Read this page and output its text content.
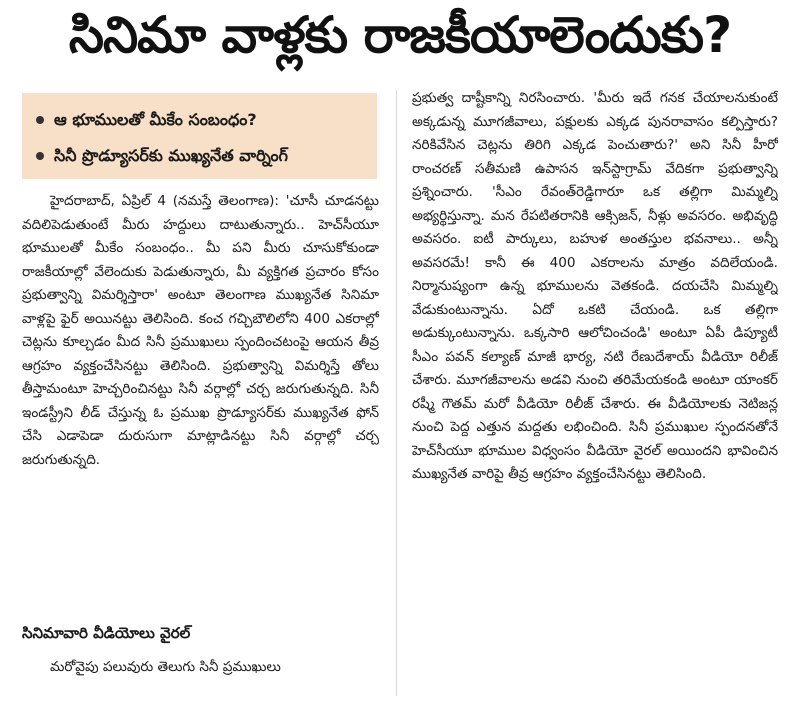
సినిమా వాళ్లకు రాజకీయాలెందుకు?
ఆ భూములతో మీకేం సంబంధం?
సినీ ప్రొడ్యూసర్‌కు ముఖ్యనేత వార్నింగ్

హైదరాబాద్, ఏప్రిల్ 4 (నమస్తే తెలంగాణ): 'చూసీ చూడనట్టు వదిలిపెడుతుంటే మీరు హద్దులు దాటుతున్నారు.. హెచ్‌సీయూ భూములతో మీకేం సంబంధం.. మీ పని మీరు చూసుకోకుండా రాజకీయాల్లో వేలెందుకు పెడుతున్నారు, మీ వ్యక్తిగత ప్రచారం కోసం ప్రభుత్వాన్ని విమర్శిస్తారా' అంటూ తెలంగాణ ముఖ్యనేత సినిమా వాళ్లపై ఫైర్ అయినట్టు తెలిసింది. కంచ గచ్చిబౌలిలోని 400 ఎకరాల్లో చెట్లను కూల్చడం మీద సినీ ప్రముఖులు స్పందించటంపై ఆయన తీవ్ర ఆగ్రహం వ్యక్తంచేసినట్టు తెలిసింది. ప్రభుత్వాన్ని విమర్శిస్తే తోలు తీస్తామంటూ హెచ్చరించినట్టు సినీ వర్గాల్లో చర్చ జరుగుతున్నది. సినీ ఇండస్ట్రీని లీడ్ చేస్తున్న ఓ ప్రముఖ ప్రొడ్యూసర్‌కు ముఖ్యనేత ఫోన్ చేసి ఎడాపెడా దురుసుగా మాట్లాడినట్టు సినీ వర్గాల్లో చర్చ జరుగుతున్నది.

సినిమావారి వీడియోలు వైరల్
మరోవైపు పలువురు తెలుగు సినీ ప్రముఖులు

ప్రభుత్వ దాష్టీకాన్ని నిరసించారు. 'మీరు ఇదే గనక చేయాలనుకుంటే అక్కడున్న మూగజీవాలు, పక్షులకు ఎక్కడ పునరావాసం కల్పిస్తారు? నరికివేసిన చెట్లను తిరిగి ఎక్కడ పెంచుతారు?' అని సినీ హీరో రాంచరణ్ సతీమణి ఉపాసన ఇన్‌స్టాగ్రామ్ వేదికగా ప్రభుత్వాన్ని ప్రశ్నించారు. 'సీఎం రేవంత్‌రెడ్డిగారూ ఒక తల్లిగా మిమ్మల్ని అభ్యర్థిస్తున్నా. మన రేపటితరానికి ఆక్సిజన్, నీళ్లు అవసరం. అభివృద్ధి అవసరం. ఐటీ పార్కులు, బహుళ అంతస్తుల భవనాలు.. అన్నీ అవసరమే! కానీ ఈ 400 ఎకరాలను మాత్రం వదిలేయండి. నిర్మానుష్యంగా ఉన్న భూములను వెతకండి. దయచేసి మిమ్మల్ని వేడుకుంటున్నాను. ఏదో ఒకటి చేయండి. ఒక తల్లిగా అడుక్కుంటున్నాను. ఒక్కసారి ఆలోచించండి' అంటూ ఏపీ డిప్యూటీ సీఎం పవన్ కల్యాణ్ మాజీ భార్య, నటి రేణుదేశాయ్ వీడియో రిలీజ్ చేశారు. మూగజీవాలను అడవి నుంచి తరిమేయకండి అంటూ యాంకర్ రష్మీ గౌతమ్ మరో వీడియో రిలీజ్ చేశారు. ఈ వీడియోలకు నెటిజన్ల నుంచి పెద్ద ఎత్తున మద్దతు లభించింది. సినీ ప్రముఖుల స్పందనతోనే హెచ్‌సీయూ భూముల విధ్వంసం వీడియో వైరల్ అయిందని భావించిన ముఖ్యనేత వారిపై తీవ్ర ఆగ్రహం వ్యక్తంచేసినట్టు తెలిసింది.
